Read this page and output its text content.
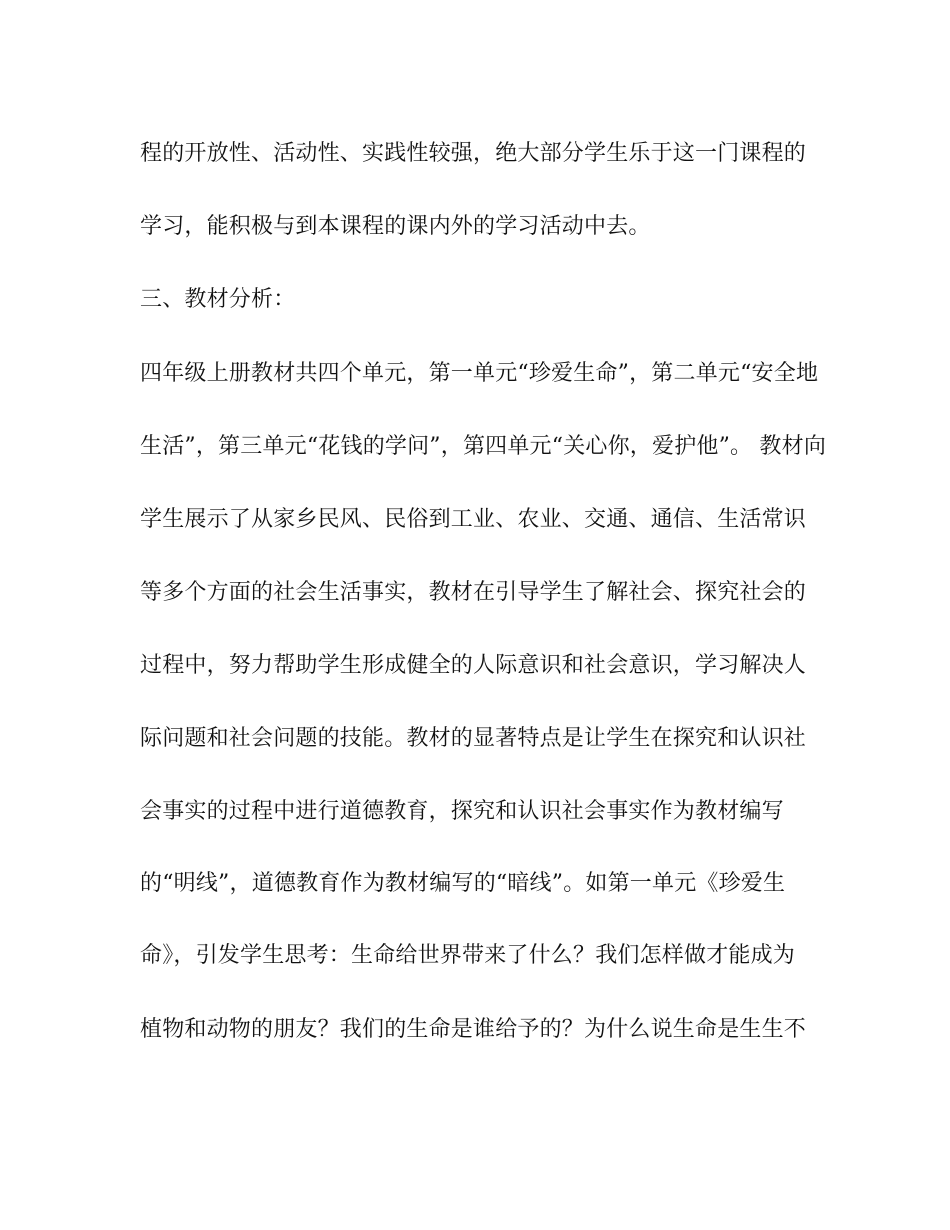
程的开放性、活动性、实践性较强，绝大部分学生乐于这一门课程的
学习，能积极与到本课程的课内外的学习活动中去。
三、教材分析：
四年级上册教材共四个单元，第一单元“珍爱生命”，第二单元“安全地
生活”，第三单元“花钱的学问”，第四单元“关心你，爱护他”。 教材向
学生展示了从家乡民风、民俗到工业、农业、交通、通信、生活常识
等多个方面的社会生活事实，教材在引导学生了解社会、探究社会的
过程中，努力帮助学生形成健全的人际意识和社会意识，学习解决人
际问题和社会问题的技能。教材的显著特点是让学生在探究和认识社
会事实的过程中进行道德教育，探究和认识社会事实作为教材编写
的“明线”，道德教育作为教材编写的“暗线”。如第一单元《珍爱生
命》，引发学生思考：生命给世界带来了什么？我们怎样做才能成为
植物和动物的朋友？我们的生命是谁给予的？为什么说生命是生生不
